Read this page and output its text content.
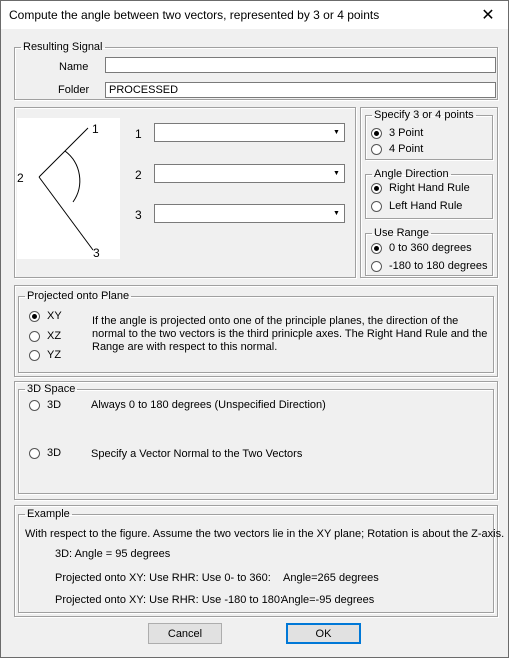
Compute the angle between two vectors, represented by 3 or 4 points	✕
Resulting Signal
Name
Folder	PROCESSED
1
2
3
1	▼
2	▼
3	▼
Specify 3 or 4 points
3 Point
4 Point
Angle Direction
Right Hand Rule
Left Hand Rule
Use Range
0 to 360 degrees
-180 to 180 degrees
Projected onto Plane
XY
XZ
YZ
If the angle is projected onto one of the principle planes, the direction of the normal to the two vectors is the third prinicple axes. The Right Hand Rule and the Range are with respect to this normal.
3D Space
3D	Always 0 to 180 degrees (Unspecified Direction)
3D	Specify a Vector Normal to the Two Vectors
Example
With respect to the figure. Assume the two vectors lie in the XY plane; Rotation is about the Z-axis.
3D: Angle = 95 degrees
Projected onto XY: Use RHR: Use 0- to 360: Angle=265 degrees
Projected onto XY: Use RHR: Use -180 to 180:
Angle=-95 degrees
Cancel	OK
